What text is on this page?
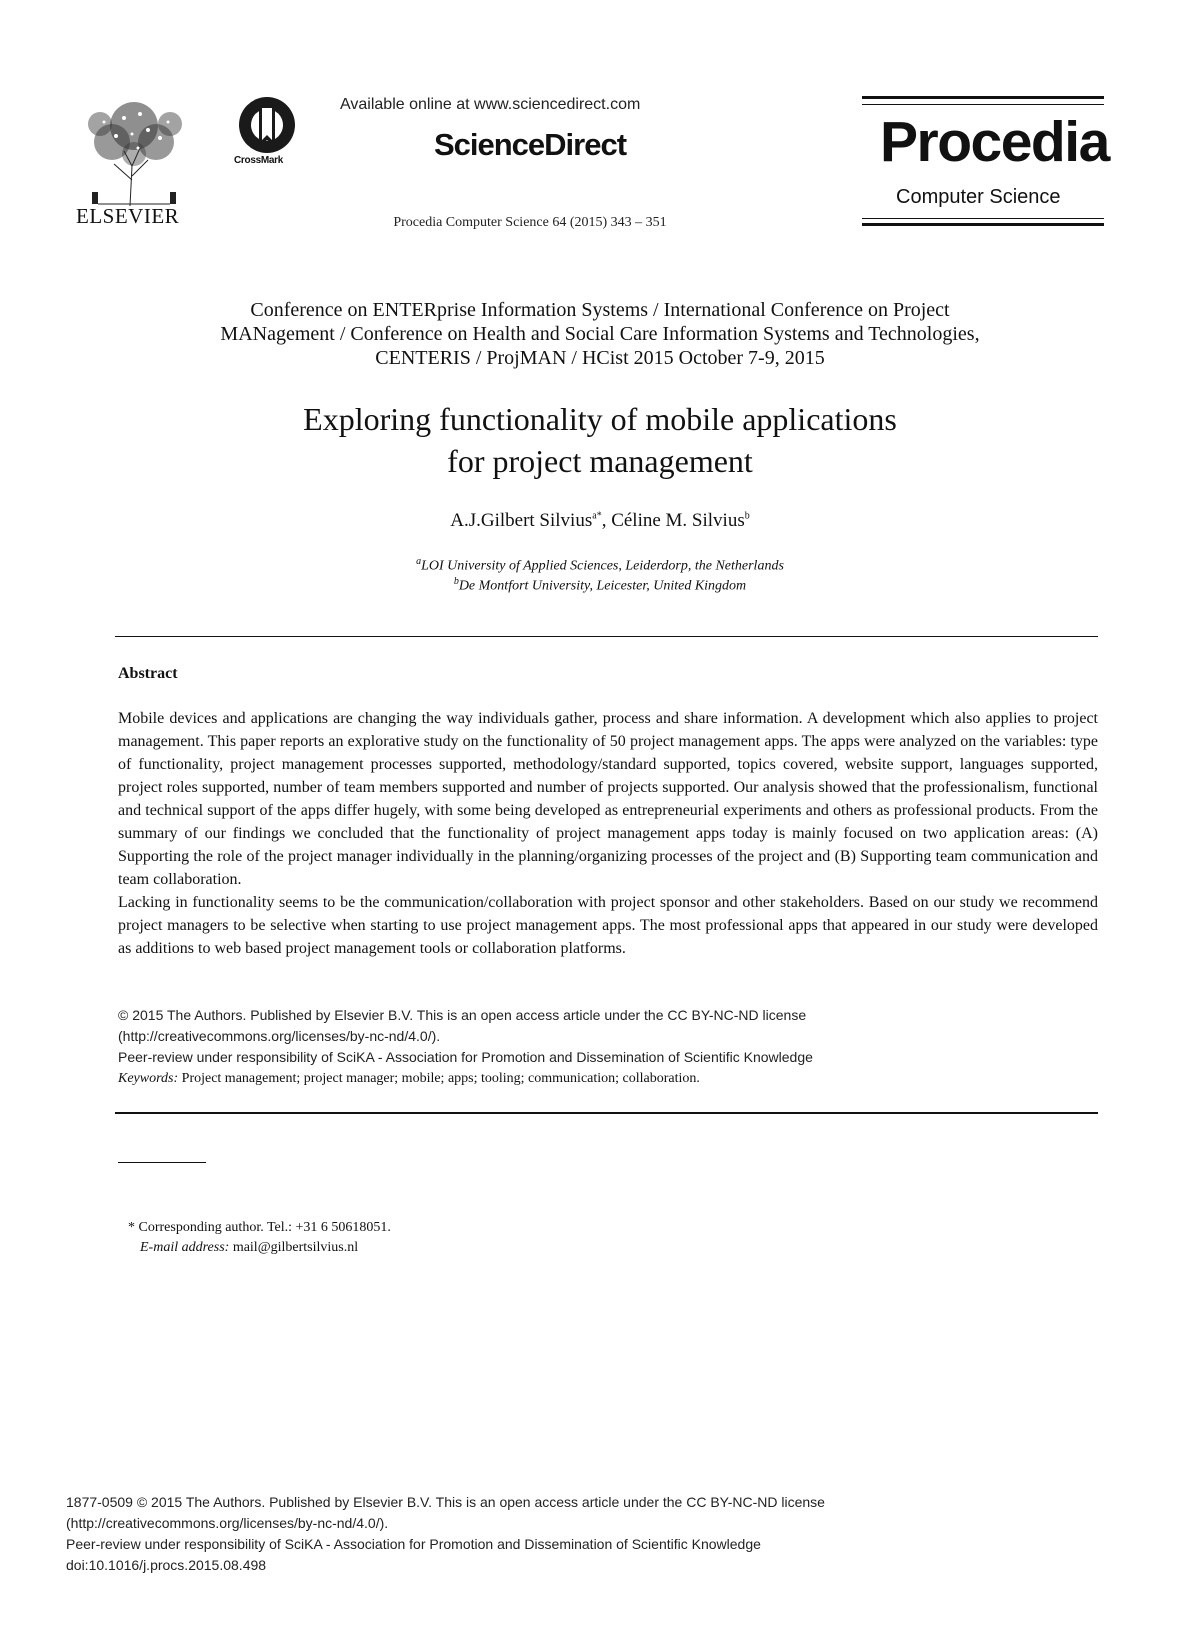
ELSEVIER
CrossMark
Available online at www.sciencedirect.com
ScienceDirect
Procedia Computer Science 64 (2015) 343 – 351
Procedia
Computer Science
Conference on ENTERprise Information Systems / International Conference on Project
MANagement / Conference on Health and Social Care Information Systems and Technologies,
CENTERIS / ProjMAN / HCist 2015 October 7-9, 2015
Exploring functionality of mobile applications
for project management
A.J.Gilbert Silvius$^{a*}$, Céline M. Silvius$^b$
$^a$LOI University of Applied Sciences, Leiderdorp, the Netherlands
$^b$De Montfort University, Leicester, United Kingdom
Abstract

Mobile devices and applications are changing the way individuals gather, process and share information. A development which also applies to project management. This paper reports an explorative study on the functionality of 50 project management apps. The apps were analyzed on the variables: type of functionality, project management processes supported, methodology/standard supported, topics covered, website support, languages supported, project roles supported, number of team members supported and number of projects supported. Our analysis showed that the professionalism, functional and technical support of the apps differ hugely, with some being developed as entrepreneurial experiments and others as professional products. From the summary of our findings we concluded that the functionality of project management apps today is mainly focused on two application areas: (A) Supporting the role of the project manager individually in the planning/organizing processes of the project and (B) Supporting team communication and team collaboration.

Lacking in functionality seems to be the communication/collaboration with project sponsor and other stakeholders. Based on our study we recommend project managers to be selective when starting to use project management apps. The most professional apps that appeared in our study were developed as additions to web based project management tools or collaboration platforms.

© 2015 The Authors. Published by Elsevier B.V. This is an open access article under the CC BY-NC-ND license

(http://creativecommons.org/licenses/by-nc-nd/4.0/).

Peer-review under responsibility of SciKA - Association for Promotion and Dissemination of Scientific Knowledge

Keywords: Project management; project manager; mobile; apps; tooling; communication; collaboration.
* Corresponding author. Tel.: +31 6 50618051.
E-mail address: mail@gilbertsilvius.nl

1877-0509 © 2015 The Authors. Published by Elsevier B.V. This is an open access article under the CC BY-NC-ND license

(http://creativecommons.org/licenses/by-nc-nd/4.0/).

Peer-review under responsibility of SciKA - Association for Promotion and Dissemination of Scientific Knowledge

doi:10.1016/j.procs.2015.08.498
